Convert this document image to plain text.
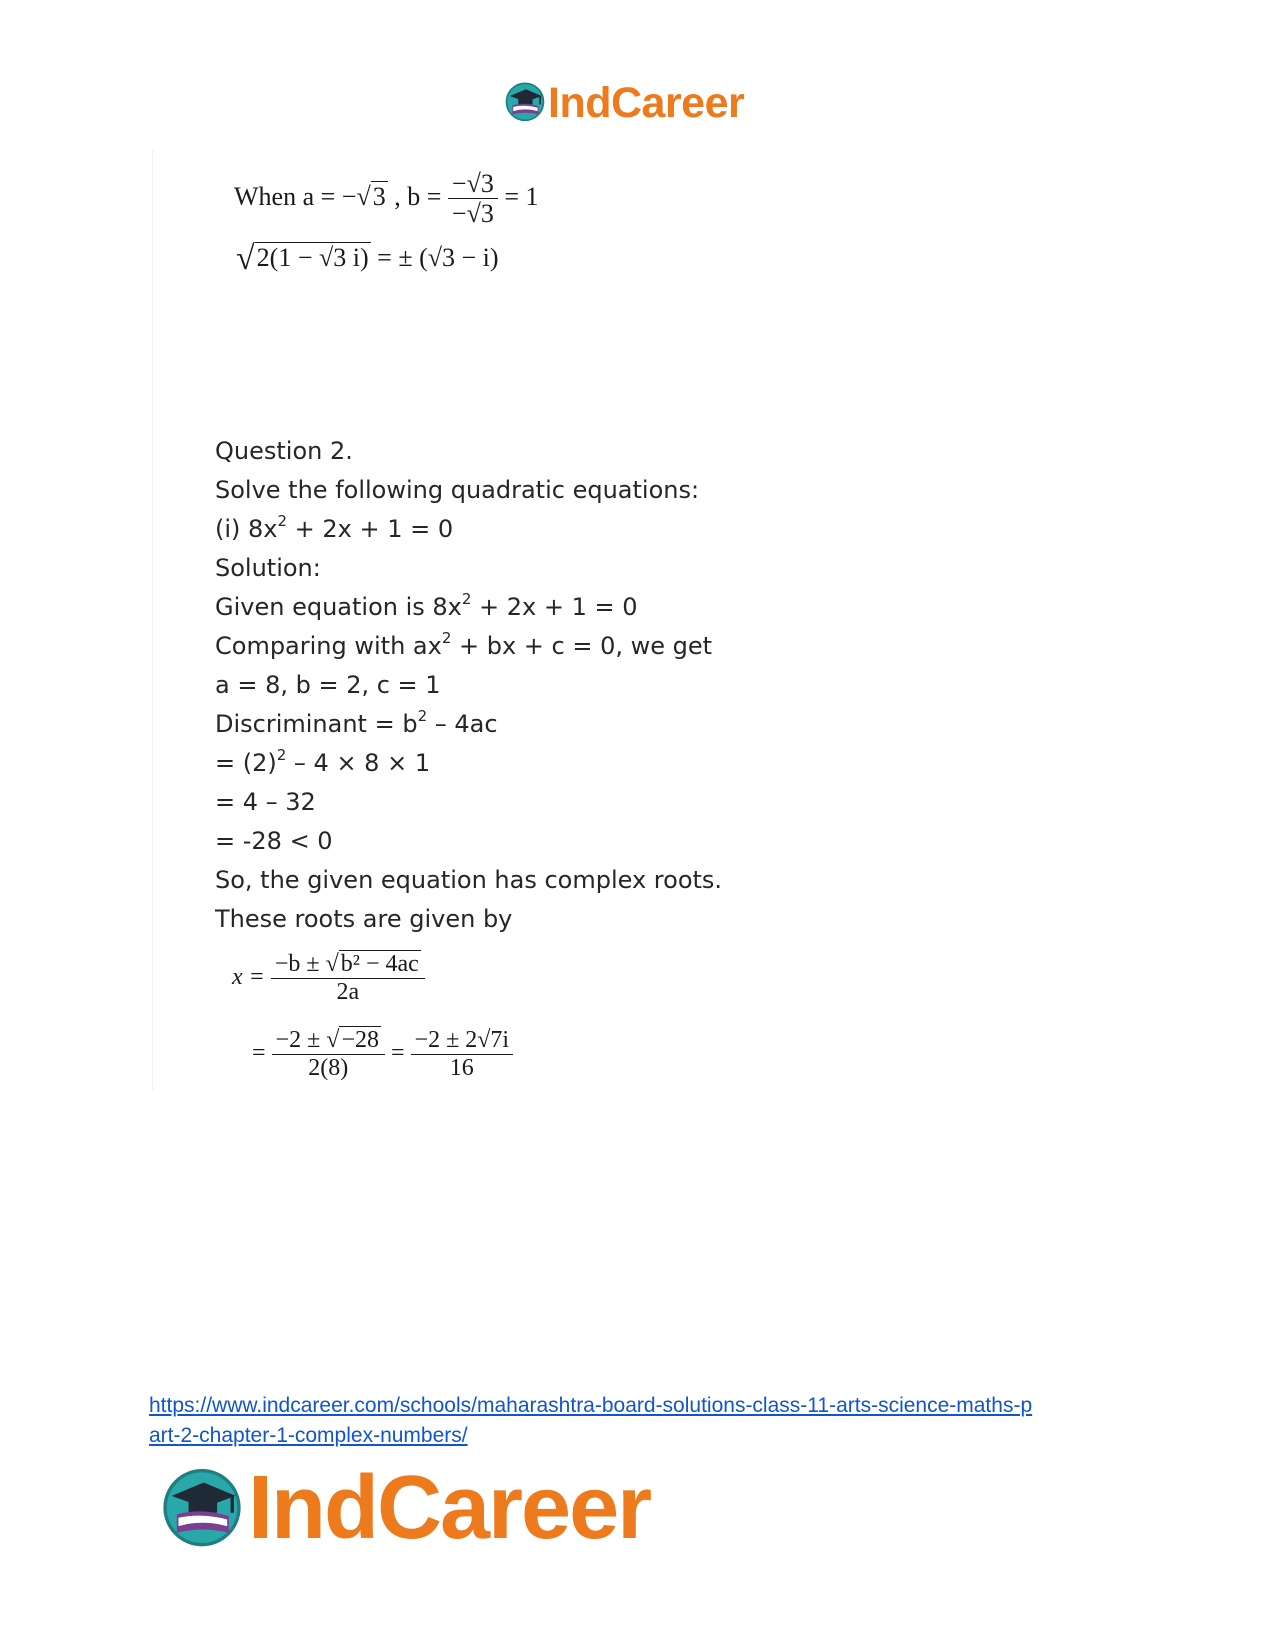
IndCareer
When a = −√3 , $b = \frac{-√3}{-√3} = 1$
√2(1 − √3 i) = ± (√3 − i)
Question 2.
Solve the following quadratic equations:
(i) $8x^2 + 2x + 1 = 0$
Solution:
Given equation is $8x^2 + 2x + 1 = 0$
Comparing with $ax^2$ + bx + c = 0, we get
a = 8, b = 2, c = 1
Discriminant = $b^2 - 4ac$
= $(2)^2 - 4 \times 8 \times 1$
= 4 – 32
= -28 < 0
So, the given equation has complex roots.
These roots are given by
$x = \frac{\text{−b ± √b² − 4ac}}{2a}$
= $\frac{-2 \pm √-28}{2(8)} = \frac{-2 \pm 2√7i}{16}$
https://www.indcareer.com/schools/maharashtra-board-solutions-class-11-arts-science-maths-p
art-2-chapter-1-complex-numbers/
IndCareer
